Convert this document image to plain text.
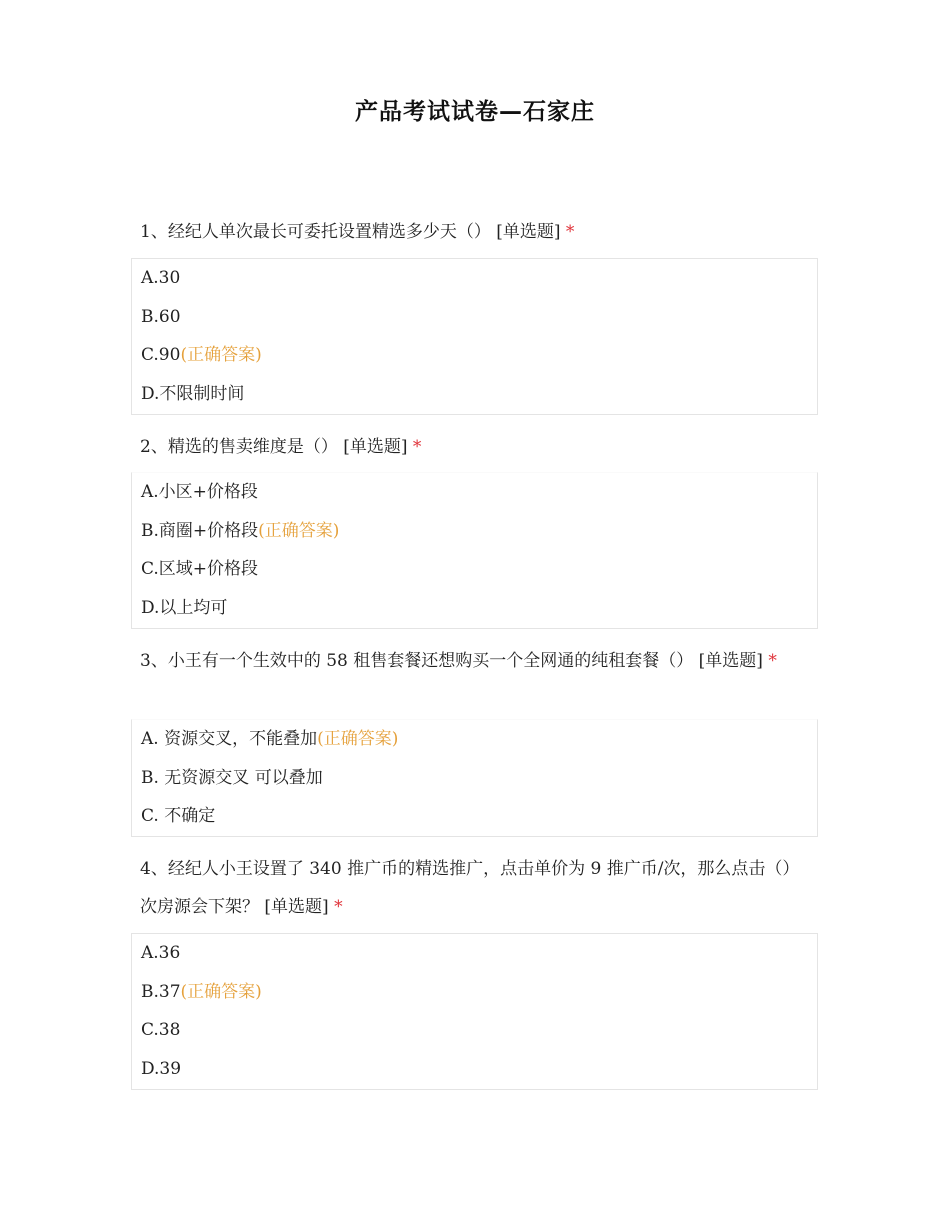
产品考试试卷—石家庄
1、经纪人单次最长可委托设置精选多少天（） [单选题] *
A.30
B.60
C.90(正确答案)
D.不限制时间
2、精选的售卖维度是（） [单选题] *
A.小区+价格段
B.商圈+价格段(正确答案)
C.区域+价格段
D.以上均可
3、小王有一个生效中的 58 租售套餐还想购买一个全网通的纯租套餐（） [单选题] *
A. 资源交叉，不能叠加(正确答案)
B. 无资源交叉 可以叠加
C. 不确定
4、经纪人小王设置了 340 推广币的精选推广，点击单价为 9 推广币/次，那么点击（）次房源会下架？ [单选题] *
A.36
B.37(正确答案)
C.38
D.39
